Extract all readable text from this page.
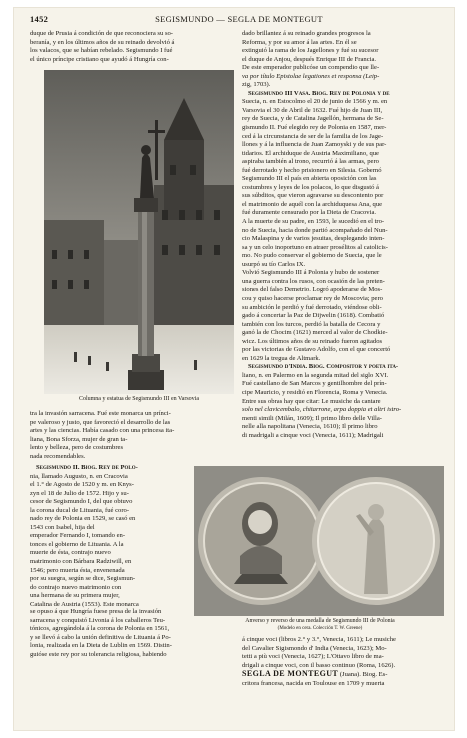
1452	SEGISMUNDO — SEGLA DE MONTEGUT

duque de Prusia á condición de que reconociera su so-

beranía, y en los últimos años de su reinado devolvió á

los valacos, que se habían rebelado. Segismundo I fué

el único príncipe cristiano que ayudó á Hungría con-

Columna y estatua de Segismundo III en Varsovia

dado brillantez á su reinado grandes progresos la

Reforma, y por su amor á las artes. En él se

extinguió la rama de los Jagellones y fué su sucesor

el duque de Anjou, después Enrique III de Francia.

De este emperador publicóse un compendio que lle-

va por título Epistolae legationes et responsa (Leip-

zig, 1703).

Segismundo III Vasa. Biog. Rey de Polonia y de

Suecia, n. en Estocolmo el 20 de junio de 1566 y m. en

Varsovia el 30 de Abril de 1632. Fué hijo de Juan III,

rey de Suecia, y de Catalina Jagellón, hermana de Se-

gismundo II. Fué elegido rey de Polonia en 1587, mer-

ced á la circunstancia de ser de la familia de los Jage-

llones y á la influencia de Juan Zamoyski y de sus par-

tidarios. El archiduque de Austria Maximiliano, que

aspiraba también al trono, recurrió á las armas, pero

fué derrotado y hecho prisionero en Silesia. Gobernó

Segismundo III el país en abierta oposición con las

costumbres y leyes de los polacos, lo que disgustó á

sus súbditos, que vieron agravarse su descontento por

el matrimonio de aquél con la archiduquesa Ana, que

fué duramente censurado por la Dieta de Cracovia.

A la muerte de su padre, en 1593, le sucedió en el tro-

no de Suecia, hacia donde partió acompañado del Nun-

cio Malaspina y de varios jesuitas, desplegando inten-

sa y un celo inoportuno en atraer prosélitos al catolicis-

mo. No pudo conservar el gobierno de Suecia, que le

usurpó su tío Carlos IX.

Volvió Segismundo III á Polonia y hubo de sostener

una guerra contra los rusos, con ocasión de las preten-

siones del falso Demetrio. Logró apoderarse de Mos-

cou y quiso hacerse proclamar rey de Moscovia; pero

su ambición le perdió y fué derrotado, viéndose obli-

gado á concertar la Paz de Dijwelin (1618). Combatió

también con los turcos, perdió la batalla de Cecora y

ganó la de Chocim (1621) merced al valor de Chodkie-

wicz. Los últimos años de su reinado fueron agitados

por las victorias de Gustavo Adolfo, con el que concertó

en 1629 la tregua de Altmark.

Segismundo d'India. Biog. Compositor y poeta ita-

liano, n. en Palermo en la segunda mitad del siglo XVI.

Fué castellano de San Marcos y gentilhombre del prín-

cipe Mauricio, y residió en Florencia, Roma y Venecia.

Entre sus obras hay que citar: Le musiche da cantare

solo nel clavicembalo, chitarrone, arpa doppia et altri istro-

menti simili (Milán, 1609); Il primo libro delle Villa-

nelle alla napolitana (Venecia, 1610); Il primo libro

di madrigali a cinque voci (Venecia, 1611); Madrigali

tra la invasión sarracena. Fué este monarca un prínci-

pe valeroso y justo, que favoreció el desarrollo de las

artes y las ciencias. Había casado con una princesa ita-

liana, Bona Sforza, mujer de gran ta-

lento y belleza, pero de costumbres

nada recomendables.

Segismundo II. Biog. Rey de Polo-

nia, llamado Augusto, n. en Cracovia

el 1.° de Agosto de 1520 y m. en Knys-

zyn el 18 de Julio de 1572. Hijo y su-

cesor de Segismundo I, del que obtuvo

la corona ducal de Lituania, fué coro-

nado rey de Polonia en 1529, se casó en

1543 con Isabel, hija del

emperador Fernando I, tomando en-

tonces el gobierno de Lituania. A la

muerte de ésta, contrajo nuevo

matrimonio con Bárbara Radziwill, en

1546; pero muerta ésta, envenenada

por su suegra, según se dice, Segismun-

do contrajo nuevo matrimonio con

una hermana de su primera mujer,

Catalina de Austria (1553). Este monarca

se opuso á que Hungría fuese presa de la invasión

sarracena y conquistó Livonia á los caballeros Teu-

tónicos, agregándola á la corona de Polonia en 1561,

y se llevó á cabo la unión definitiva de Lituania á Po-

lonia, realizada en la Dieta de Lublin en 1569. Distin-

guióse este rey por su tolerancia religiosa, habiendo

Anverso y reverso de una medalla de Segismundo III de Polonia
(Modelo en cera. Colección T. W. Greene)

á cinque voci (libros 2.° y 3.°, Venecia, 1611); Le musiche

del Cavalier Sigismondo d' India (Venecia, 1623); Mo-

tetti a più voci (Venecia, 1627); L'Ottavo libro de ma-

drigali a cinque voci, con il basso continuo (Roma, 1626).

SEGLA DE MONTEGUT (Juana). Biog. Es-

critora francesa, nacida en Toulouse en 1709 y muerta
